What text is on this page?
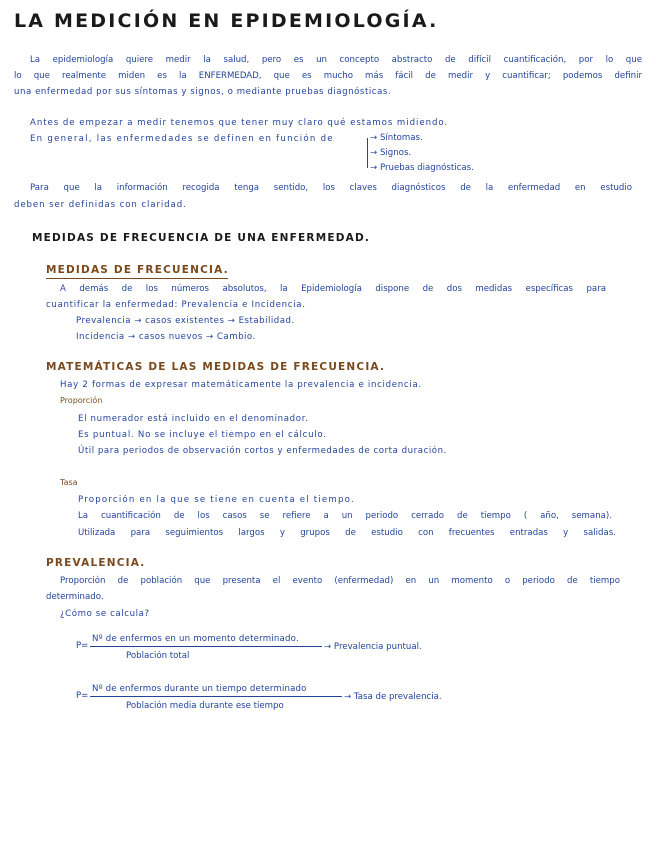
LA MEDICIÓN EN EPIDEMIOLOGÍA.
La epidemiología quiere medir la salud, pero es un concepto abstracto de difícil cuantificación, por lo que
lo que realmente miden es la ENFERMEDAD, que es mucho más fácil de medir y cuantificar; podemos definir
una enfermedad por sus síntomas y signos, o mediante pruebas diagnósticas.
Antes de empezar a medir tenemos que tener muy claro qué estamos midiendo.
En general, las enfermedades se definen en función de	→ Síntomas.
→ Signos.
→ Pruebas diagnósticas.
Para que la información recogida tenga sentido, los claves diagnósticos de la enfermedad en estudio
deben ser definidas con claridad.
MEDIDAS DE FRECUENCIA DE UNA ENFERMEDAD.
MEDIDAS DE FRECUENCIA.
A demás de los números absolutos, la Epidemiología dispone de dos medidas específicas para
cuantificar la enfermedad: Prevalencia e Incidencia.
Prevalencia → casos existentes → Estabilidad.
Incidencia → casos nuevos → Cambio.
MATEMÁTICAS DE LAS MEDIDAS DE FRECUENCIA.
Hay 2 formas de expresar matemáticamente la prevalencia e incidencia.
Proporción
El numerador está incluido en el denominador.
Es puntual. No se incluye el tiempo en el cálculo.
Útil para periodos de observación cortos y enfermedades de corta duración.
Tasa
Proporción en la que se tiene en cuenta el tiempo.
La cuantificación de los casos se refiere a un periodo cerrado de tiempo ( año, semana).
Utilizada para seguimientos largos y grupos de estudio con frecuentes entradas y salidas.
PREVALENCIA.
Proporción de población que presenta el evento (enfermedad) en un momento o periodo de tiempo
determinado.
¿Cómo se calcula?
P=
Nº de enfermos en un momento determinado.
Población total
→ Prevalencia puntual.
P=
Nº de enfermos durante un tiempo determinado
Población media durante ese tiempo
→ Tasa de prevalencia.
